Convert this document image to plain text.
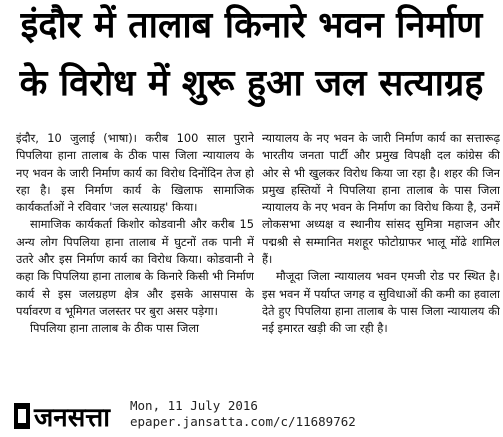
इंदौर में तालाब किनारे भवन निर्माण
के विरोध में शुरू हुआ जल सत्याग्रह

इंदौर, 10 जुलाई (भाषा)। करीब 100 साल पुराने पिपलिया हाना तालाब के ठीक पास जिला न्यायालय के नए भवन के जारी निर्माण कार्य का विरोध दिनोंदिन तेज हो रहा है। इस निर्माण कार्य के खिलाफ सामाजिक कार्यकर्ताओं ने रविवार 'जल सत्याग्रह' किया।

सामाजिक कार्यकर्ता किशोर कोडवानी और करीब 15 अन्य लोग पिपलिया हाना तालाब में घुटनों तक पानी में उतरे और इस निर्माण कार्य का विरोध किया। कोडवानी ने कहा कि पिपलिया हाना तालाब के किनारे किसी भी निर्माण कार्य से इस जलग्रहण क्षेत्र और इसके आसपास के पर्यावरण व भूमिगत जलस्तर पर बुरा असर पड़ेगा।

पिपलिया हाना तालाब के ठीक पास जिला

न्यायालय के नए भवन के जारी निर्माण कार्य का सत्तारूढ़ भारतीय जनता पार्टी और प्रमुख विपक्षी दल कांग्रेस की ओर से भी खुलकर विरोध किया जा रहा है। शहर की जिन प्रमुख हस्तियों ने पिपलिया हाना तालाब के पास जिला न्यायालय के नए भवन के निर्माण का विरोध किया है, उनमें लोकसभा अध्यक्ष व स्थानीय सांसद सुमित्रा महाजन और पद्मश्री से सम्मानित मशहूर फोटोग्राफर भालू मोंढे शामिल हैं।

मौजूदा जिला न्यायालय भवन एमजी रोड पर स्थित है। इस भवन में पर्याप्त जगह व सुविधाओं की कमी का हवाला देते हुए पिपलिया हाना तालाब के पास जिला न्यायालय की नई इमारत खड़ी की जा रही है।

जनसत्ता Mon, 11 July 2016
epaper.jansatta.com/c/11689762
